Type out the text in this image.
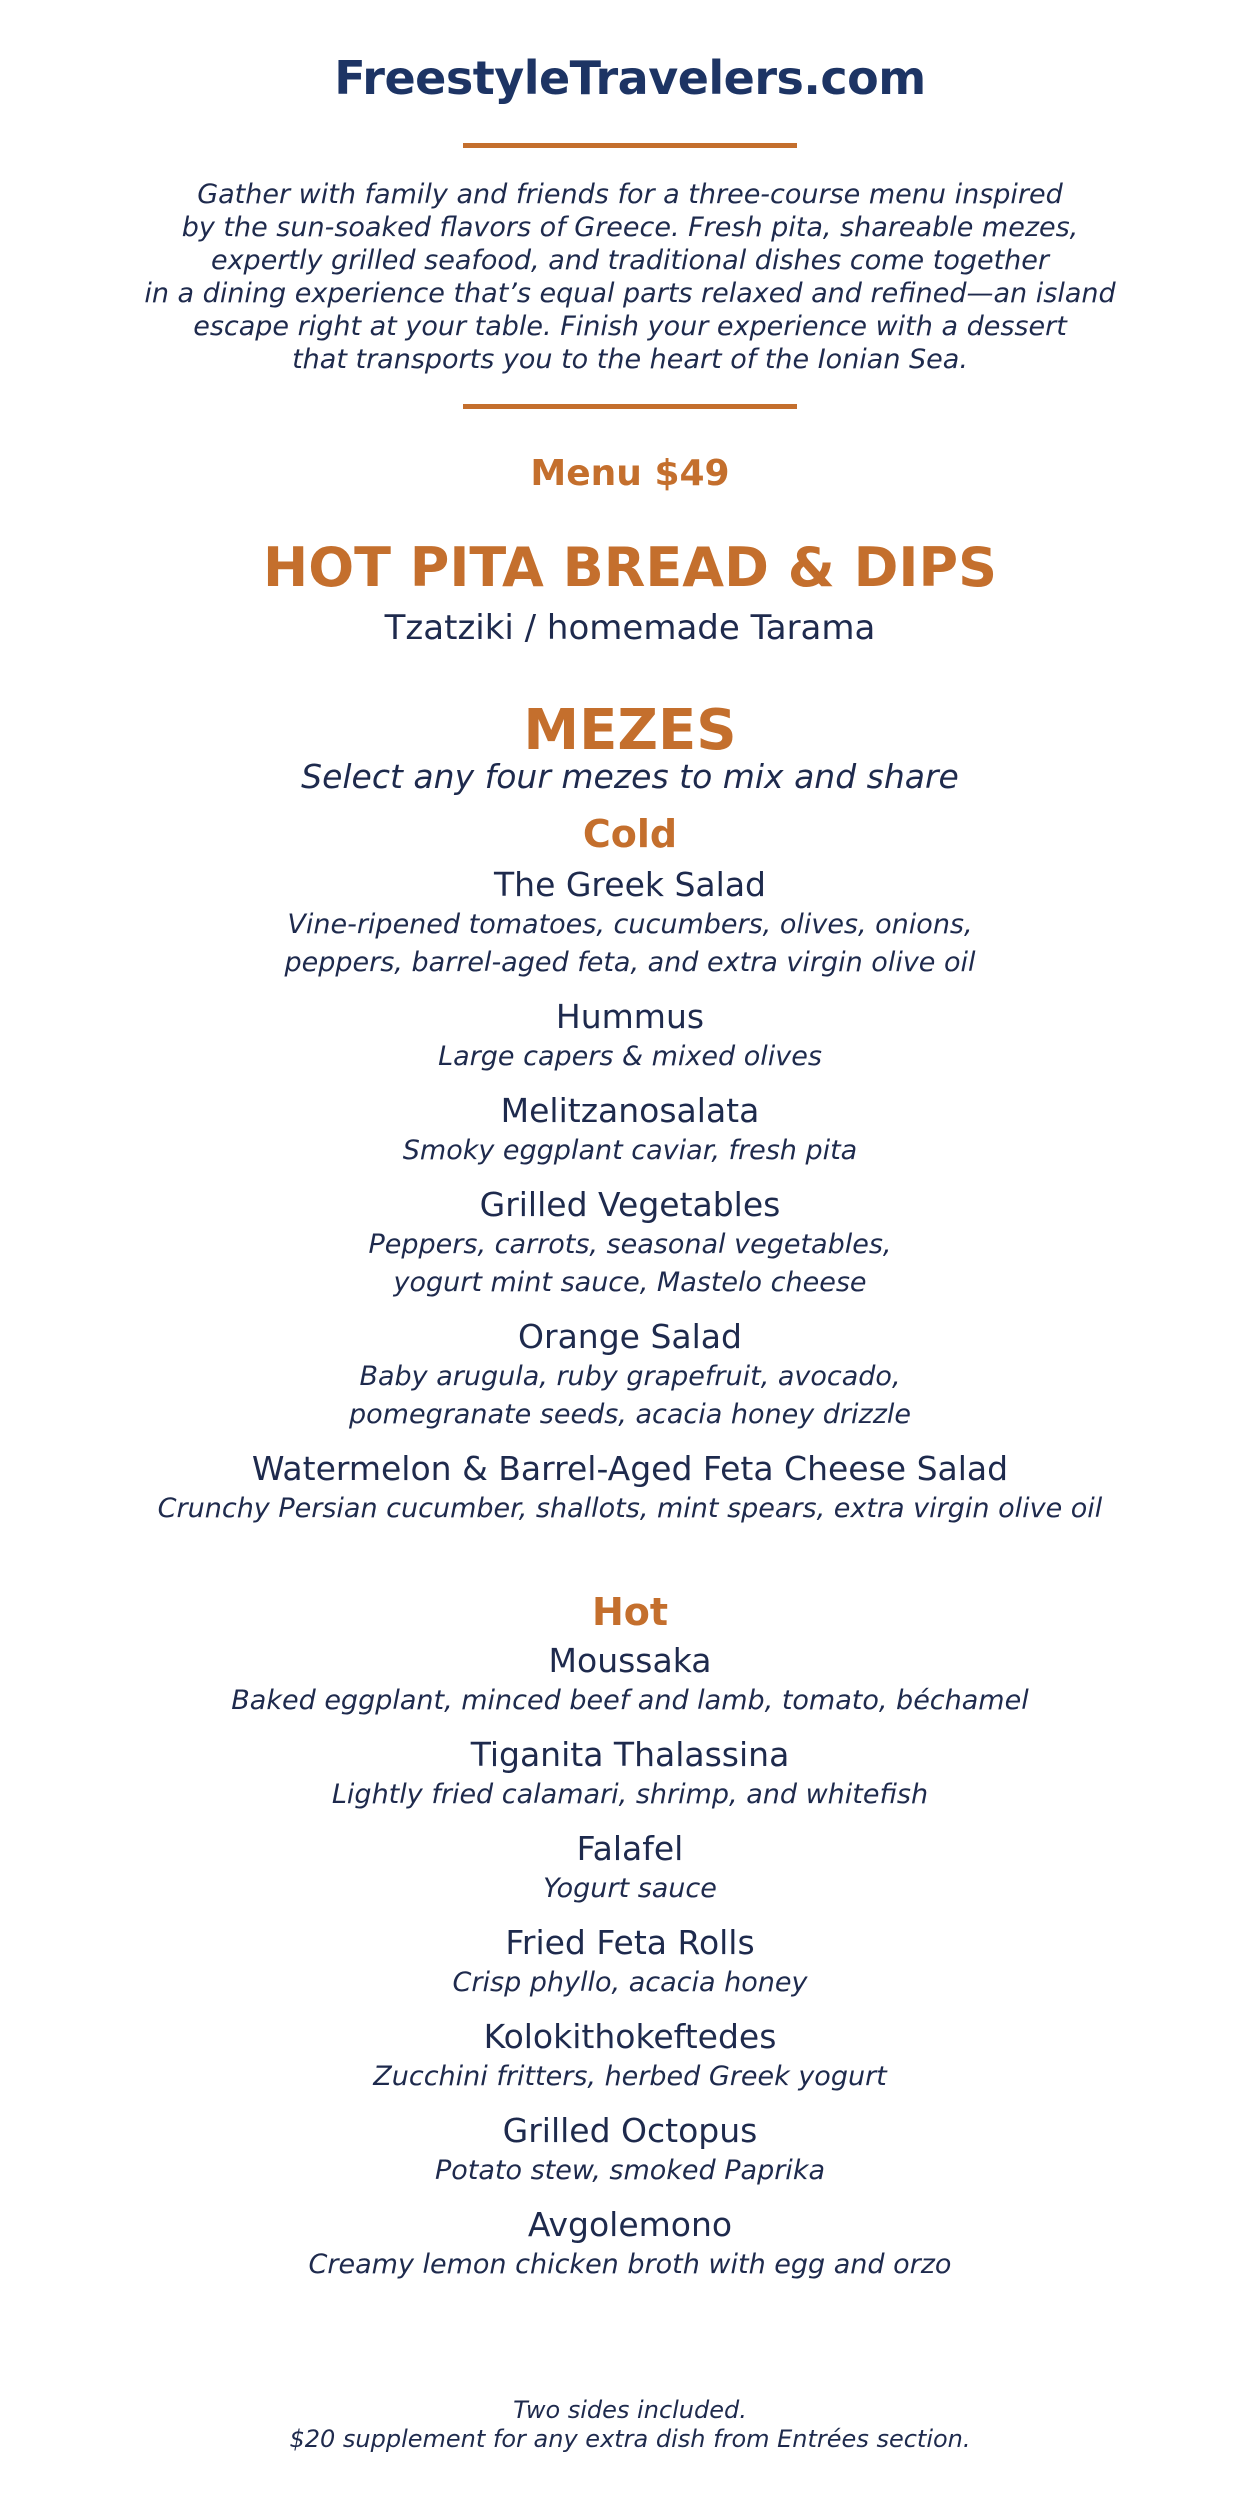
FreestyleTravelers.com
Gather with family and friends for a three-course menu inspired
by the sun-soaked flavors of Greece. Fresh pita, shareable mezes,
expertly grilled seafood, and traditional dishes come together
in a dining experience that’s equal parts relaxed and refined—an island
escape right at your table. Finish your experience with a dessert
that transports you to the heart of the Ionian Sea.
Menu $49
HOT PITA BREAD & DIPS
Tzatziki / homemade Tarama
MEZES
Select any four mezes to mix and share
Cold
The Greek Salad
Vine-ripened tomatoes, cucumbers, olives, onions,
peppers, barrel-aged feta, and extra virgin olive oil
Hummus
Large capers & mixed olives
Melitzanosalata
Smoky eggplant caviar, fresh pita
Grilled Vegetables
Peppers, carrots, seasonal vegetables,
yogurt mint sauce, Mastelo cheese
Orange Salad
Baby arugula, ruby grapefruit, avocado,
pomegranate seeds, acacia honey drizzle
Watermelon & Barrel-Aged Feta Cheese Salad
Crunchy Persian cucumber, shallots, mint spears, extra virgin olive oil
Hot
Moussaka
Baked eggplant, minced beef and lamb, tomato, béchamel
Tiganita Thalassina
Lightly fried calamari, shrimp, and whitefish
Falafel
Yogurt sauce
Fried Feta Rolls
Crisp phyllo, acacia honey
Kolokithokeftedes
Zucchini fritters, herbed Greek yogurt
Grilled Octopus
Potato stew, smoked Paprika
Avgolemono
Creamy lemon chicken broth with egg and orzo
Two sides included.
$20 supplement for any extra dish from Entrées section.
